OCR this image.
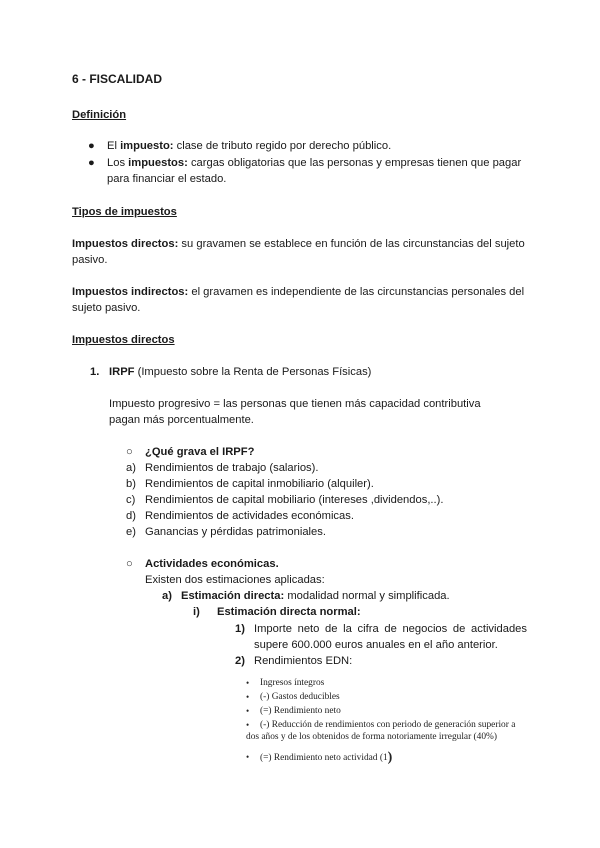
6 - FISCALIDAD
Definición
● El impuesto: clase de tributo regido por derecho público.
● Los impuestos: cargas obligatorias que las personas y empresas tienen que pagar
para financiar el estado.
Tipos de impuestos
Impuestos directos: su gravamen se establece en función de las circunstancias del sujeto
pasivo.
Impuestos indirectos: el gravamen es independiente de las circunstancias personales del
sujeto pasivo.
Impuestos directos
1. IRPF (Impuesto sobre la Renta de Personas Físicas)
Impuesto progresivo = las personas que tienen más capacidad contributiva
pagan más porcentualmente.
○ ¿Qué grava el IRPF?
a) Rendimientos de trabajo (salarios).
b) Rendimientos de capital inmobiliario (alquiler).
c) Rendimientos de capital mobiliario (intereses ,dividendos,..).
d) Rendimientos de actividades económicas.
e) Ganancias y pérdidas patrimoniales.
○ Actividades económicas.
Existen dos estimaciones aplicadas:
a) Estimación directa: modalidad normal y simplificada.
i) Estimación directa normal:
1) Importe neto de la cifra de negocios de actividades
supere 600.000 euros anuales en el año anterior.
2) Rendimientos EDN:
• Ingresos íntegros
• (-) Gastos deducibles
• (=) Rendimiento neto
• (-) Reducción de rendimientos con periodo de generación superior a
dos años y de los obtenidos de forma notoriamente irregular (40%)
• (=) Rendimiento neto actividad (1)
